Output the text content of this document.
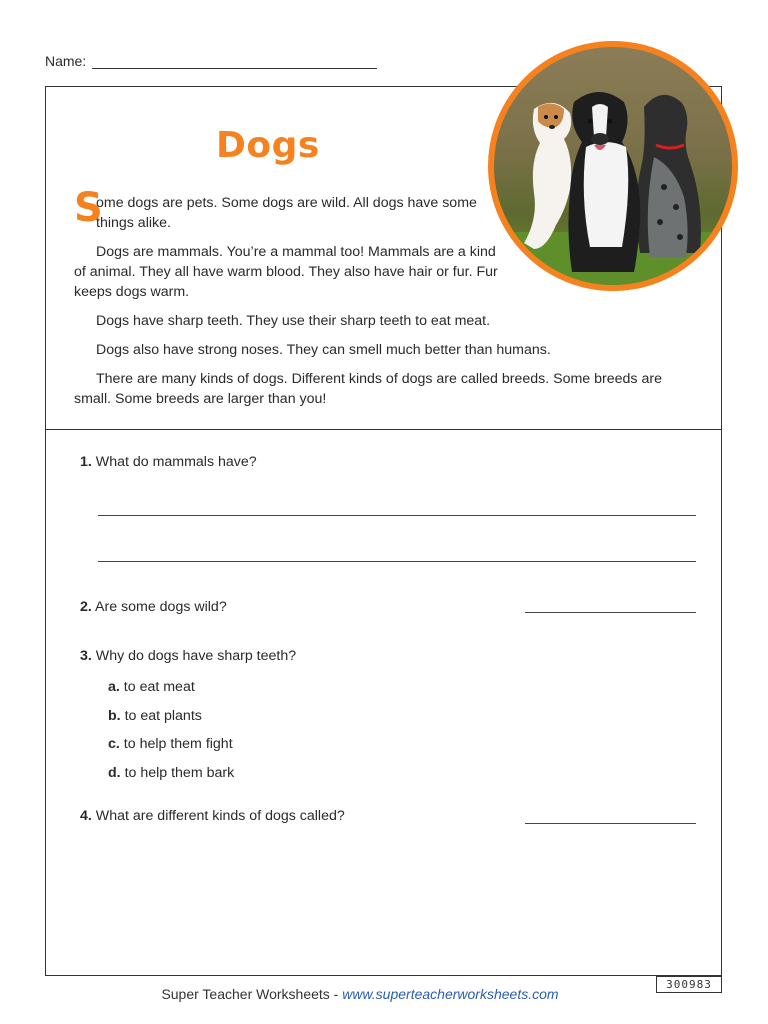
Name:
Dogs

S
ome dogs are pets. Some dogs are wild. All dogs have some things alike.

Dogs are mammals. You’re a mammal too! Mammals are a kind of animal. They all have warm blood. They also have hair or fur. Fur keeps dogs warm.

Dogs have sharp teeth. They use their sharp teeth to eat meat.

Dogs also have strong noses. They can smell much better than humans.

There are many kinds of dogs. Different kinds of dogs are called breeds. Some breeds are small. Some breeds are larger than you!

1. What do mammals have?
2. Are some dogs wild?
3. Why do dogs have sharp teeth?
a. to eat meat
b. to eat plants
c. to help them fight
d. to help them bark
4. What are different kinds of dogs called?
Super Teacher Worksheets - www.superteacherworksheets.com
300983
